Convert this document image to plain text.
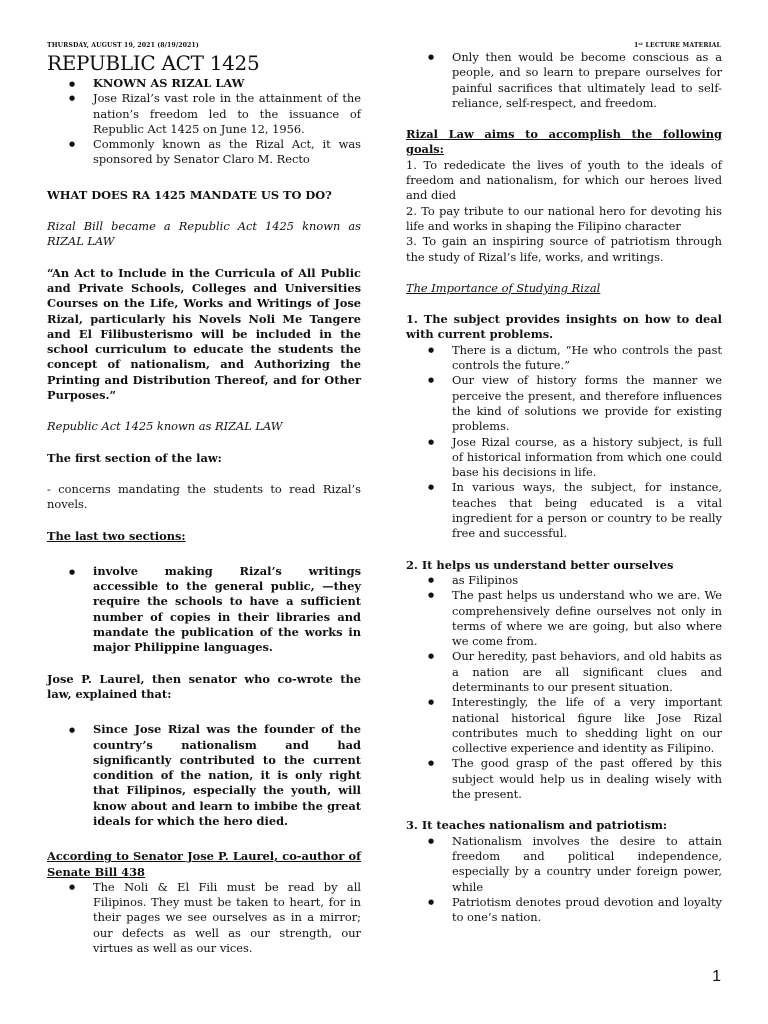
THURSDAY, AUGUST 19, 2021 (8/19/2021)	1ˢᵗ LECTURE MATERIAL
REPUBLIC ACT 1425
● KNOWN AS RIZAL LAW
● Jose Rizal’s vast role in the attainment of the nation’s freedom led to the issuance of Republic Act 1425 on June 12, 1956.
● Commonly known as the Rizal Act, it was sponsored by Senator Claro M. Recto

WHAT DOES RA 1425 MANDATE US TO DO?

Rizal Bill became a Republic Act 1425 known as RIZAL LAW

“An Act to Include in the Curricula of All Public and Private Schools, Colleges and Universities Courses on the Life, Works and Writings of Jose Rizal, particularly his Novels Noli Me Tangere and El Filibusterismo will be included in the school curriculum to educate the students the concept of nationalism, and Authorizing the Printing and Distribution Thereof, and for Other Purposes.”

Republic Act 1425 known as RIZAL LAW

The first section of the law:

- concerns mandating the students to read Rizal’s novels.

The last two sections:

● involve making Rizal’s writings accessible to the general public, —they require the schools to have a sufficient number of copies in their libraries and mandate the publication of the works in major Philippine languages.

Jose P. Laurel, then senator who co-wrote the law, explained that:

● Since Jose Rizal was the founder of the country’s nationalism and had significantly contributed to the current condition of the nation, it is only right that Filipinos, especially the youth, will know about and learn to imbibe the great ideals for which the hero died.

According to Senator Jose P. Laurel, co-author of Senate Bill 438

● The Noli & El Fili must be read by all Filipinos. They must be taken to heart, for in their pages we see ourselves as in a mirror; our defects as well as our strength, our virtues as well as our vices.
● Only then would be become conscious as a people, and so learn to prepare ourselves for painful sacrifices that ultimately lead to self-reliance, self-respect, and freedom.

Rizal Law aims to accomplish the following goals:

1. To rededicate the lives of youth to the ideals of freedom and nationalism, for which our heroes lived and died

2. To pay tribute to our national hero for devoting his life and works in shaping the Filipino character

3. To gain an inspiring source of patriotism through the study of Rizal’s life, works, and writings.

The Importance of Studying Rizal

1. The subject provides insights on how to deal with current problems.

● There is a dictum, “He who controls the past controls the future.”
● Our view of history forms the manner we perceive the present, and therefore influences the kind of solutions we provide for existing problems.
● Jose Rizal course, as a history subject, is full of historical information from which one could base his decisions in life.
● In various ways, the subject, for instance, teaches that being educated is a vital ingredient for a person or country to be really free and successful.

2. It helps us understand better ourselves

● as Filipinos
● The past helps us understand who we are. We comprehensively define ourselves not only in terms of where we are going, but also where we come from.
● Our heredity, past behaviors, and old habits as a nation are all significant clues and determinants to our present situation.
● Interestingly, the life of a very important national historical figure like Jose Rizal contributes much to shedding light on our collective experience and identity as Filipino.
● The good grasp of the past offered by this subject would help us in dealing wisely with the present.

3. It teaches nationalism and patriotism:

● Nationalism involves the desire to attain freedom and political independence, especially by a country under foreign power, while
● Patriotism denotes proud devotion and loyalty to one’s nation.
1
